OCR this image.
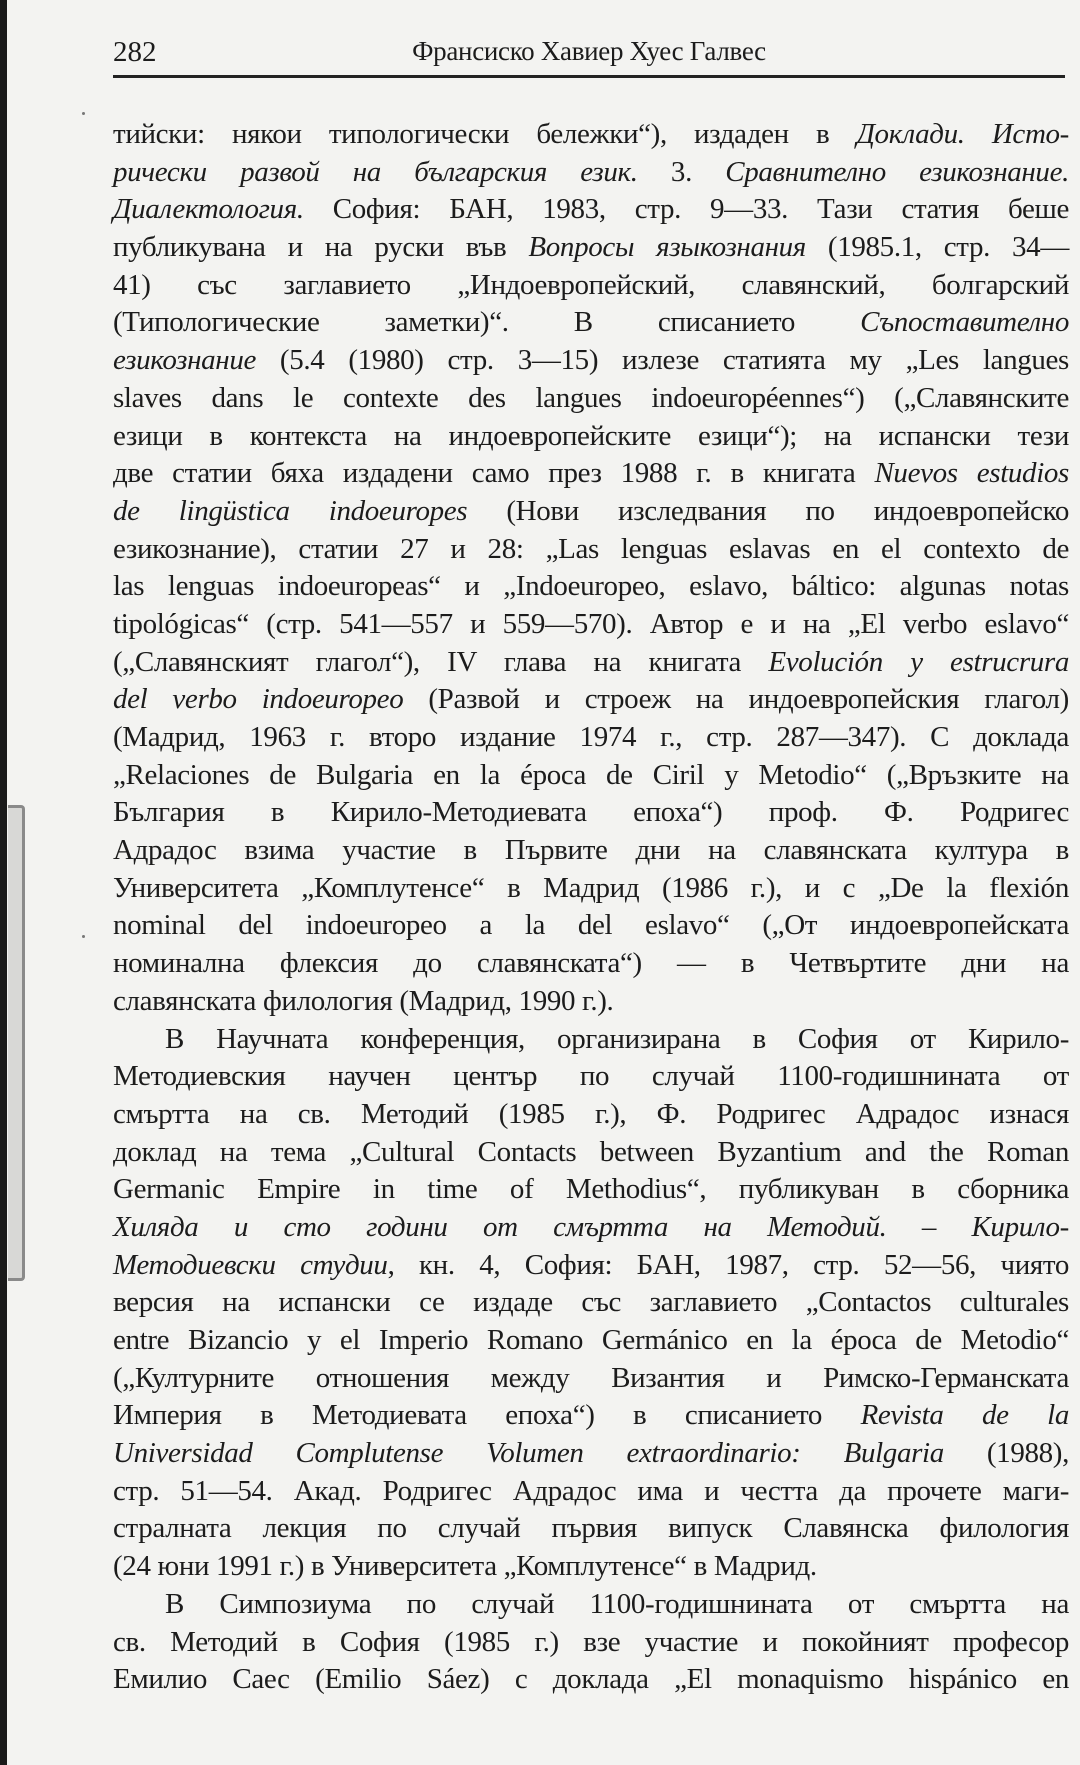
282	Франсиско Хавиер Хуес Галвес
тийски: някои типологически бележки“), издаден в Доклади. Исто-
рически развой на българския език. 3. Сравнително езикознание.
Диалектология. София: БАН, 1983, стр. 9—33. Тази статия беше
публикувана и на руски във Вопросы языкознания (1985.1, стр. 34—
41) със заглавието „Индоевропейский, славянский, болгарский
(Типологические заметки)“. В списанието Съпоставително
езикознание (5.4 (1980) стр. 3—15) излезе статията му „Les langues
slaves dans le contexte des langues indoeuropéennes“) („Славянските
езици в контекста на индоевропейските езици“); на испански тези
две статии бяха издадени само през 1988 г. в книгата Nuevos estudios
de lingüstica indoeuropes (Нови изследвания по индоевропейско
езикознание), статии 27 и 28: „Las lenguas eslavas en el contexto de
las lenguas indoeuropeas“ и „Indoeuropeo, eslavo, báltico: algunas notas
tipológicas“ (стр. 541—557 и 559—570). Автор е и на „El verbo eslavo“
(„Славянският глагол“), IV глава на книгата Evolución y estrucrura
del verbo indoeuropeo (Развой и строеж на индоевропейския глагол)
(Мадрид, 1963 г. второ издание 1974 г., стр. 287—347). С доклада
„Relaciones de Bulgaria en la época de Ciril y Metodio“ („Връзките на
България в Кирило-Методиевата епоха“) проф. Ф. Родригес
Адрадос взима участие в Първите дни на славянската култура в
Университета „Комплутенсе“ в Мадрид (1986 г.), и с „De la flexión
nominal del indoeuropeo a la del eslavo“ („От индоевропейската
номинална флексия до славянската“) — в Четвъртите дни на
славянската филология (Мадрид, 1990 г.).
В Научната конференция, организирана в София от Кирило-
Методиевския научен център по случай 1100-годишнината от
смъртта на св. Методий (1985 г.), Ф. Родригес Адрадос изнася
доклад на тема „Cultural Contacts between Byzantium and the Roman
Germanic Empire in time of Methodius“, публикуван в сборника
Хиляда и сто години от смъртта на Методий. – Кирило-
Методиевски студии, кн. 4, София: БАН, 1987, стр. 52—56, чиято
версия на испански се издаде със заглавието „Contactos culturales
entre Bizancio y el Imperio Romano Germánico en la época de Metodio“
(„Културните отношения между Византия и Римско-Германската
Империя в Методиевата епоха“) в списанието Revista de la
Universidad Complutense Volumen extraordinario: Bulgaria (1988),
стр. 51—54. Акад. Родригес Адрадос има и честта да прочете маги-
стралната лекция по случай първия випуск Славянска филология
(24 юни 1991 г.) в Университета „Комплутенсе“ в Мадрид.
В Симпозиума по случай 1100-годишнината от смъртта на
св. Методий в София (1985 г.) взе участие и покойният професор
Емилио Саес (Emilio Sáez) с доклада „El monaquismo hispánico en
